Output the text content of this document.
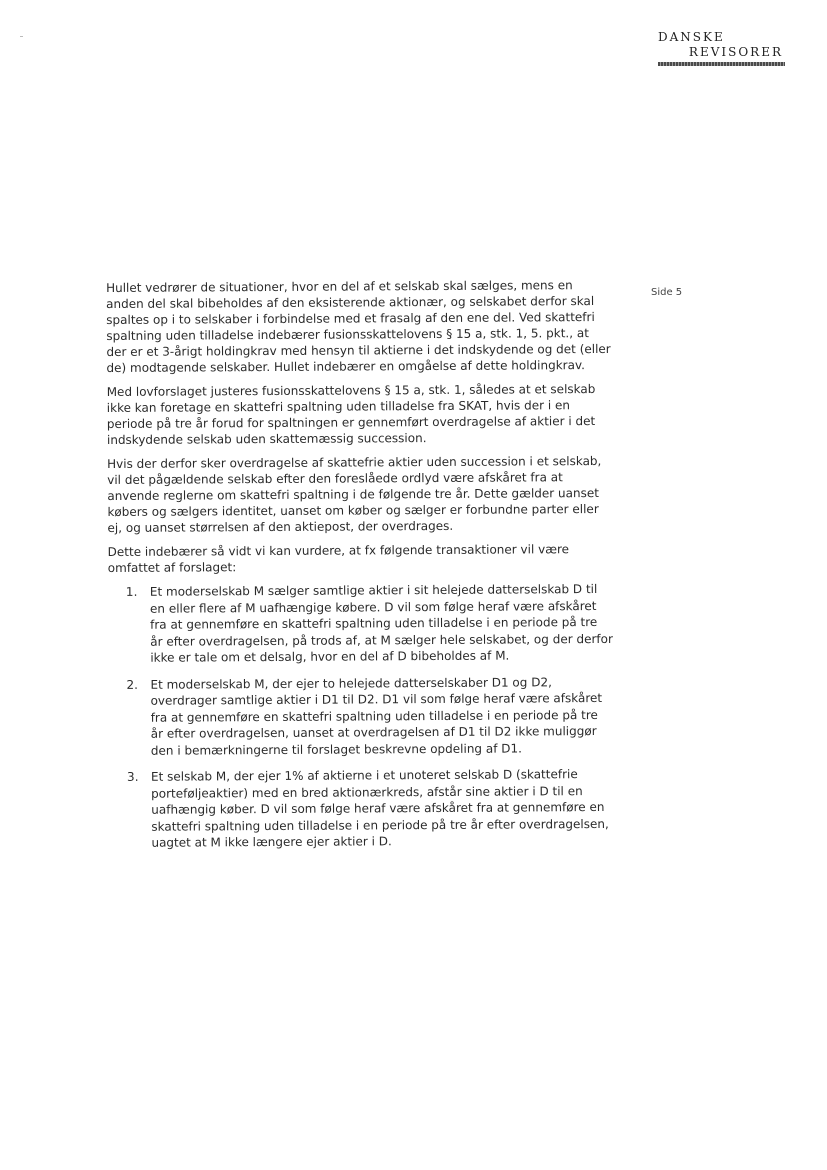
DANSKE
REVISORER
Side 5

Hullet vedrører de situationer, hvor en del af et selskab skal sælges, mens en anden del skal bibeholdes af den eksisterende aktionær, og selskabet derfor skal spaltes op i to selskaber i forbindelse med et frasalg af den ene del. Ved skattefri spaltning uden tilladelse indebærer fusionsskattelovens § 15 a, stk. 1, 5. pkt., at der er et 3-årigt holdingkrav med hensyn til aktierne i det indskydende og det (eller de) modtagende selskaber. Hullet indebærer en omgåelse af dette holdingkrav.

Med lovforslaget justeres fusionsskattelovens § 15 a, stk. 1, således at et selskab ikke kan foretage en skattefri spaltning uden tilladelse fra SKAT, hvis der i en periode på tre år forud for spaltningen er gennemført overdragelse af aktier i det indskydende selskab uden skattemæssig succession.

Hvis der derfor sker overdragelse af skattefrie aktier uden succession i et selskab, vil det pågældende selskab efter den foreslåede ordlyd være afskåret fra at anvende reglerne om skattefri spaltning i de følgende tre år. Dette gælder uanset købers og sælgers identitet, uanset om køber og sælger er forbundne parter eller ej, og uanset størrelsen af den aktiepost, der overdrages.

Dette indebærer så vidt vi kan vurdere, at fx følgende transaktioner vil være omfattet af forslaget:

1. Et moderselskab M sælger samtlige aktier i sit helejede datterselskab D til en eller flere af M uafhængige købere. D vil som følge heraf være afskåret fra at gennemføre en skattefri spaltning uden tilladelse i en periode på tre år efter overdragelsen, på trods af, at M sælger hele selskabet, og der derfor ikke er tale om et delsalg, hvor en del af D bibeholdes af M.
2. Et moderselskab M, der ejer to helejede datterselskaber D1 og D2, overdrager samtlige aktier i D1 til D2. D1 vil som følge heraf være afskåret fra at gennemføre en skattefri spaltning uden tilladelse i en periode på tre år efter overdragelsen, uanset at overdragelsen af D1 til D2 ikke muliggør den i bemærkningerne til forslaget beskrevne opdeling af D1.
3. Et selskab M, der ejer 1% af aktierne i et unoteret selskab D (skattefrie porteføljeaktier) med en bred aktionærkreds, afstår sine aktier i D til en uafhængig køber. D vil som følge heraf være afskåret fra at gennemføre en skattefri spaltning uden tilladelse i en periode på tre år efter overdragelsen, uagtet at M ikke længere ejer aktier i D.
